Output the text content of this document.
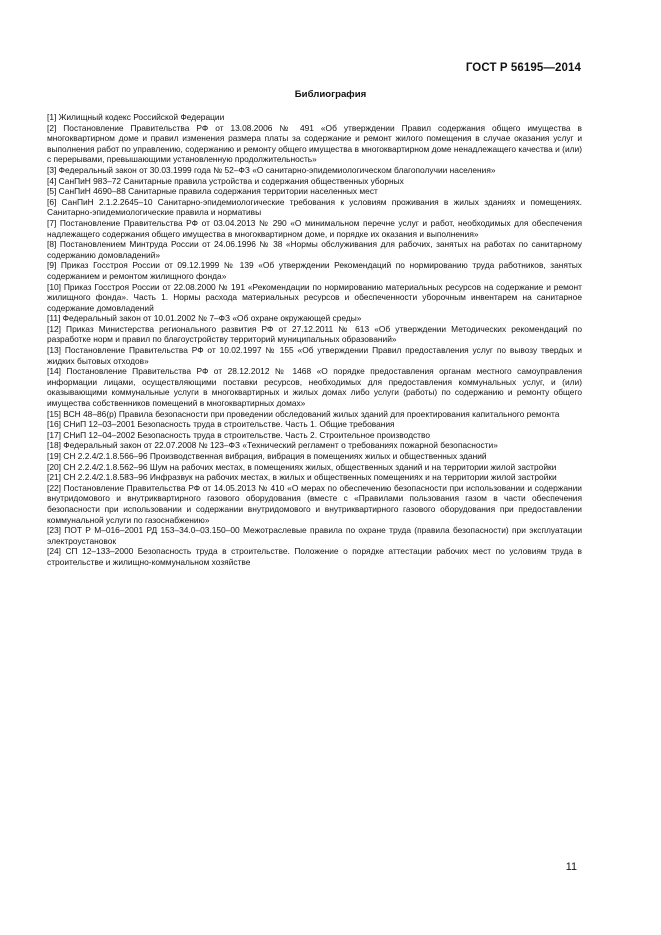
ГОСТ Р 56195—2014
Библиография

[1] Жилищный кодекс Российской Федерации

[2] Постановление Правительства РФ от 13.08.2006 № 491 «Об утверждении Правил содержания общего имущества в многоквартирном доме и правил изменения размера платы за содержание и ремонт жилого помещения в случае оказания услуг и выполнения работ по управлению, содержанию и ремонту общего имущества в многоквартирном доме ненадлежащего качества и (или) с перерывами, превышающими установленную продолжительность»

[3] Федеральный закон от 30.03.1999 года № 52–ФЗ «О санитарно-эпидемиологическом благополучии населения»

[4] СанПиН 983–72 Санитарные правила устройства и содержания общественных уборных

[5] СанПиН 4690–88 Санитарные правила содержания территории населенных мест

[6] СанПиН 2.1.2.2645–10 Санитарно-эпидемиологические требования к условиям проживания в жилых зданиях и помещениях. Санитарно-эпидемиологические правила и нормативы

[7] Постановление Правительства РФ от 03.04.2013 № 290 «О минимальном перечне услуг и работ, необходимых для обеспечения надлежащего содержания общего имущества в многоквартирном доме, и порядке их оказания и выполнения»

[8] Постановлением Минтруда России от 24.06.1996 № 38 «Нормы обслуживания для рабочих, занятых на работах по санитарному содержанию домовладений»

[9] Приказ Госстроя России от 09.12.1999 № 139 «Об утверждении Рекомендаций по нормированию труда работников, занятых содержанием и ремонтом жилищного фонда»

[10] Приказ Госстроя России от 22.08.2000 № 191 «Рекомендации по нормированию материальных ресурсов на содержание и ремонт жилищного фонда». Часть 1. Нормы расхода материальных ресурсов и обеспеченности уборочным инвентарем на санитарное содержание домовладений

[11] Федеральный закон от 10.01.2002 № 7–ФЗ «Об охране окружающей среды»

[12] Приказ Министерства регионального развития РФ от 27.12.2011 № 613 «Об утверждении Методических рекомендаций по разработке норм и правил по благоустройству территорий муниципальных образований»

[13] Постановление Правительства РФ от 10.02.1997 № 155 «Об утверждении Правил предоставления услуг по вывозу твердых и жидких бытовых отходов»

[14] Постановление Правительства РФ от 28.12.2012 № 1468 «О порядке предоставления органам местного самоуправления информации лицами, осуществляющими поставки ресурсов, необходимых для предоставления коммунальных услуг, и (или) оказывающими коммунальные услуги в многоквартирных и жилых домах либо услуги (работы) по содержанию и ремонту общего имущества собственников помещений в многоквартирных домах»

[15] ВСН 48–86(р) Правила безопасности при проведении обследований жилых зданий для проектирования капитального ремонта

[16] СНиП 12–03–2001 Безопасность труда в строительстве. Часть 1. Общие требования

[17] СНиП 12–04–2002 Безопасность труда в строительстве. Часть 2. Строительное производство

[18] Федеральный закон от 22.07.2008 № 123–ФЗ «Технический регламент о требованиях пожарной безопасности»

[19] СН 2.2.4/2.1.8.566–96 Производственная вибрация, вибрация в помещениях жилых и общественных зданий

[20] СН 2.2.4/2.1.8.562–96 Шум на рабочих местах, в помещениях жилых, общественных зданий и на территории жилой застройки

[21] СН 2.2.4/2.1.8.583–96 Инфразвук на рабочих местах, в жилых и общественных помещениях и на территории жилой застройки

[22] Постановление Правительства РФ от 14.05.2013 № 410 «О мерах по обеспечению безопасности при использовании и содержании внутридомового и внутриквартирного газового оборудования (вместе с «Правилами пользования газом в части обеспечения безопасности при использовании и содержании внутридомового и внутриквартирного газового оборудования при предоставлении коммунальной услуги по газоснабжению»

[23] ПОТ Р М–016–2001 РД 153–34.0–03.150–00 Межотраслевые правила по охране труда (правила безопасности) при эксплуатации электроустановок

[24] СП 12–133–2000 Безопасность труда в строительстве. Положение о порядке аттестации рабочих мест по условиям труда в строительстве и жилищно-коммунальном хозяйстве

11
